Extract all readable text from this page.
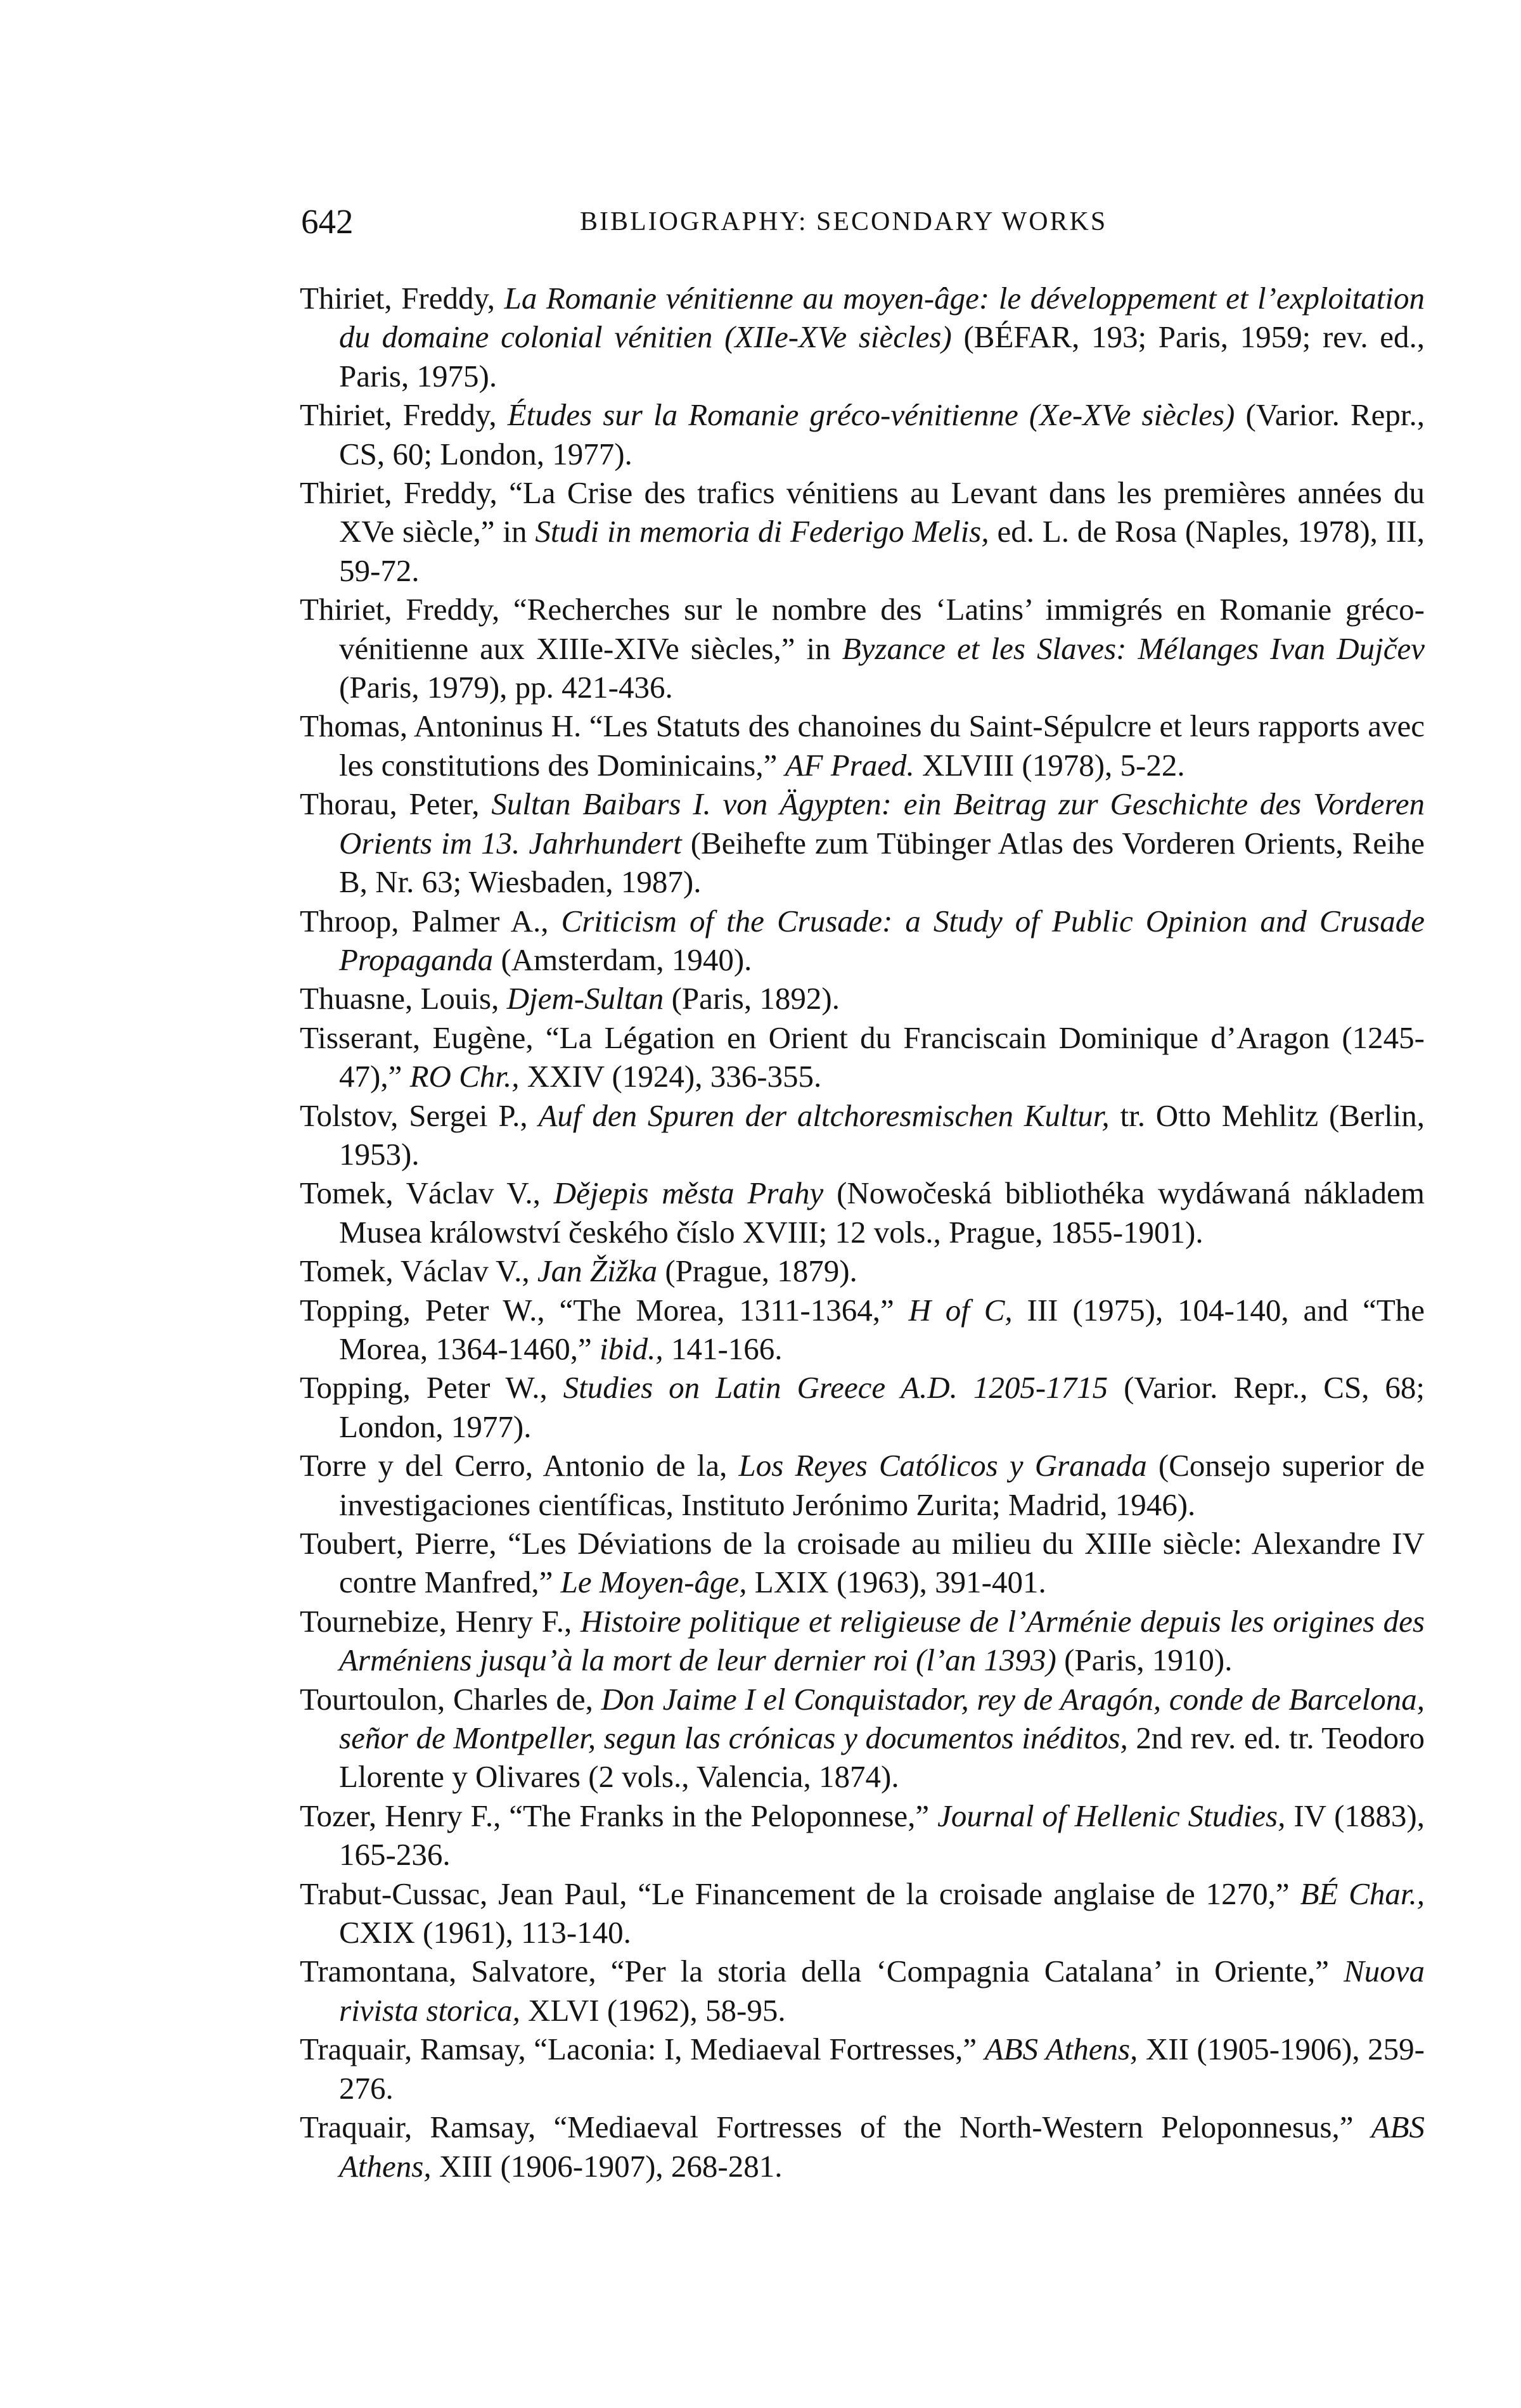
642	BIBLIOGRAPHY: SECONDARY WORKS

Thiriet, Freddy, La Romanie vénitienne au moyen-âge: le développement et l’exploitation du domaine colonial vénitien (XIIe-XVe siècles) (BÉFAR, 193; Paris, 1959; rev. ed., Paris, 1975).

Thiriet, Freddy, Études sur la Romanie gréco-vénitienne (Xe-XVe siècles) (Varior. Repr., CS, 60; London, 1977).

Thiriet, Freddy, “La Crise des trafics vénitiens au Levant dans les premières années du XVe siècle,” in Studi in memoria di Federigo Melis, ed. L. de Rosa (Naples, 1978), III, 59-72.

Thiriet, Freddy, “Recherches sur le nombre des ‘Latins’ immigrés en Romanie gréco-vénitienne aux XIIIe-XIVe siècles,” in Byzance et les Slaves: Mélanges Ivan Dujčev (Paris, 1979), pp. 421-436.

Thomas, Antoninus H. “Les Statuts des chanoines du Saint-Sépulcre et leurs rapports avec les constitutions des Dominicains,” AF Praed. XLVIII (1978), 5-22.

Thorau, Peter, Sultan Baibars I. von Ägypten: ein Beitrag zur Geschichte des Vorderen Orients im 13. Jahrhundert (Beihefte zum Tübinger Atlas des Vorderen Orients, Reihe B, Nr. 63; Wiesbaden, 1987).

Throop, Palmer A., Criticism of the Crusade: a Study of Public Opinion and Crusade Propaganda (Amsterdam, 1940).

Thuasne, Louis, Djem-Sultan (Paris, 1892).

Tisserant, Eugène, “La Légation en Orient du Franciscain Dominique d’Aragon (1245-47),” RO Chr., XXIV (1924), 336-355.

Tolstov, Sergei P., Auf den Spuren der altchoresmischen Kultur, tr. Otto Mehlitz (Berlin, 1953).

Tomek, Václav V., Dějepis města Prahy (Nowočeská bibliothéka wydáwaná nákladem Musea králowství českého číslo XVIII; 12 vols., Prague, 1855-1901).

Tomek, Václav V., Jan Žižka (Prague, 1879).

Topping, Peter W., “The Morea, 1311-1364,” H of C, III (1975), 104-140, and “The Morea, 1364-1460,” ibid., 141-166.

Topping, Peter W., Studies on Latin Greece A.D. 1205-1715 (Varior. Repr., CS, 68; London, 1977).

Torre y del Cerro, Antonio de la, Los Reyes Católicos y Granada (Consejo superior de investigaciones científicas, Instituto Jerónimo Zurita; Madrid, 1946).

Toubert, Pierre, “Les Déviations de la croisade au milieu du XIIIe siècle: Alexandre IV contre Manfred,” Le Moyen-âge, LXIX (1963), 391-401.

Tournebize, Henry F., Histoire politique et religieuse de l’Arménie depuis les origines des Arméniens jusqu’à la mort de leur dernier roi (l’an 1393) (Paris, 1910).

Tourtoulon, Charles de, Don Jaime I el Conquistador, rey de Aragón, conde de Barcelona, señor de Montpeller, segun las crónicas y documentos inéditos, 2nd rev. ed. tr. Teodoro Llorente y Olivares (2 vols., Valencia, 1874).

Tozer, Henry F., “The Franks in the Peloponnese,” Journal of Hellenic Studies, IV (1883), 165-236.

Trabut-Cussac, Jean Paul, “Le Financement de la croisade anglaise de 1270,” BÉ Char., CXIX (1961), 113-140.

Tramontana, Salvatore, “Per la storia della ‘Compagnia Catalana’ in Oriente,” Nuova rivista storica, XLVI (1962), 58-95.

Traquair, Ramsay, “Laconia: I, Mediaeval Fortresses,” ABS Athens, XII (1905-1906), 259-276.

Traquair, Ramsay, “Mediaeval Fortresses of the North-Western Peloponnesus,” ABS Athens, XIII (1906-1907), 268-281.
